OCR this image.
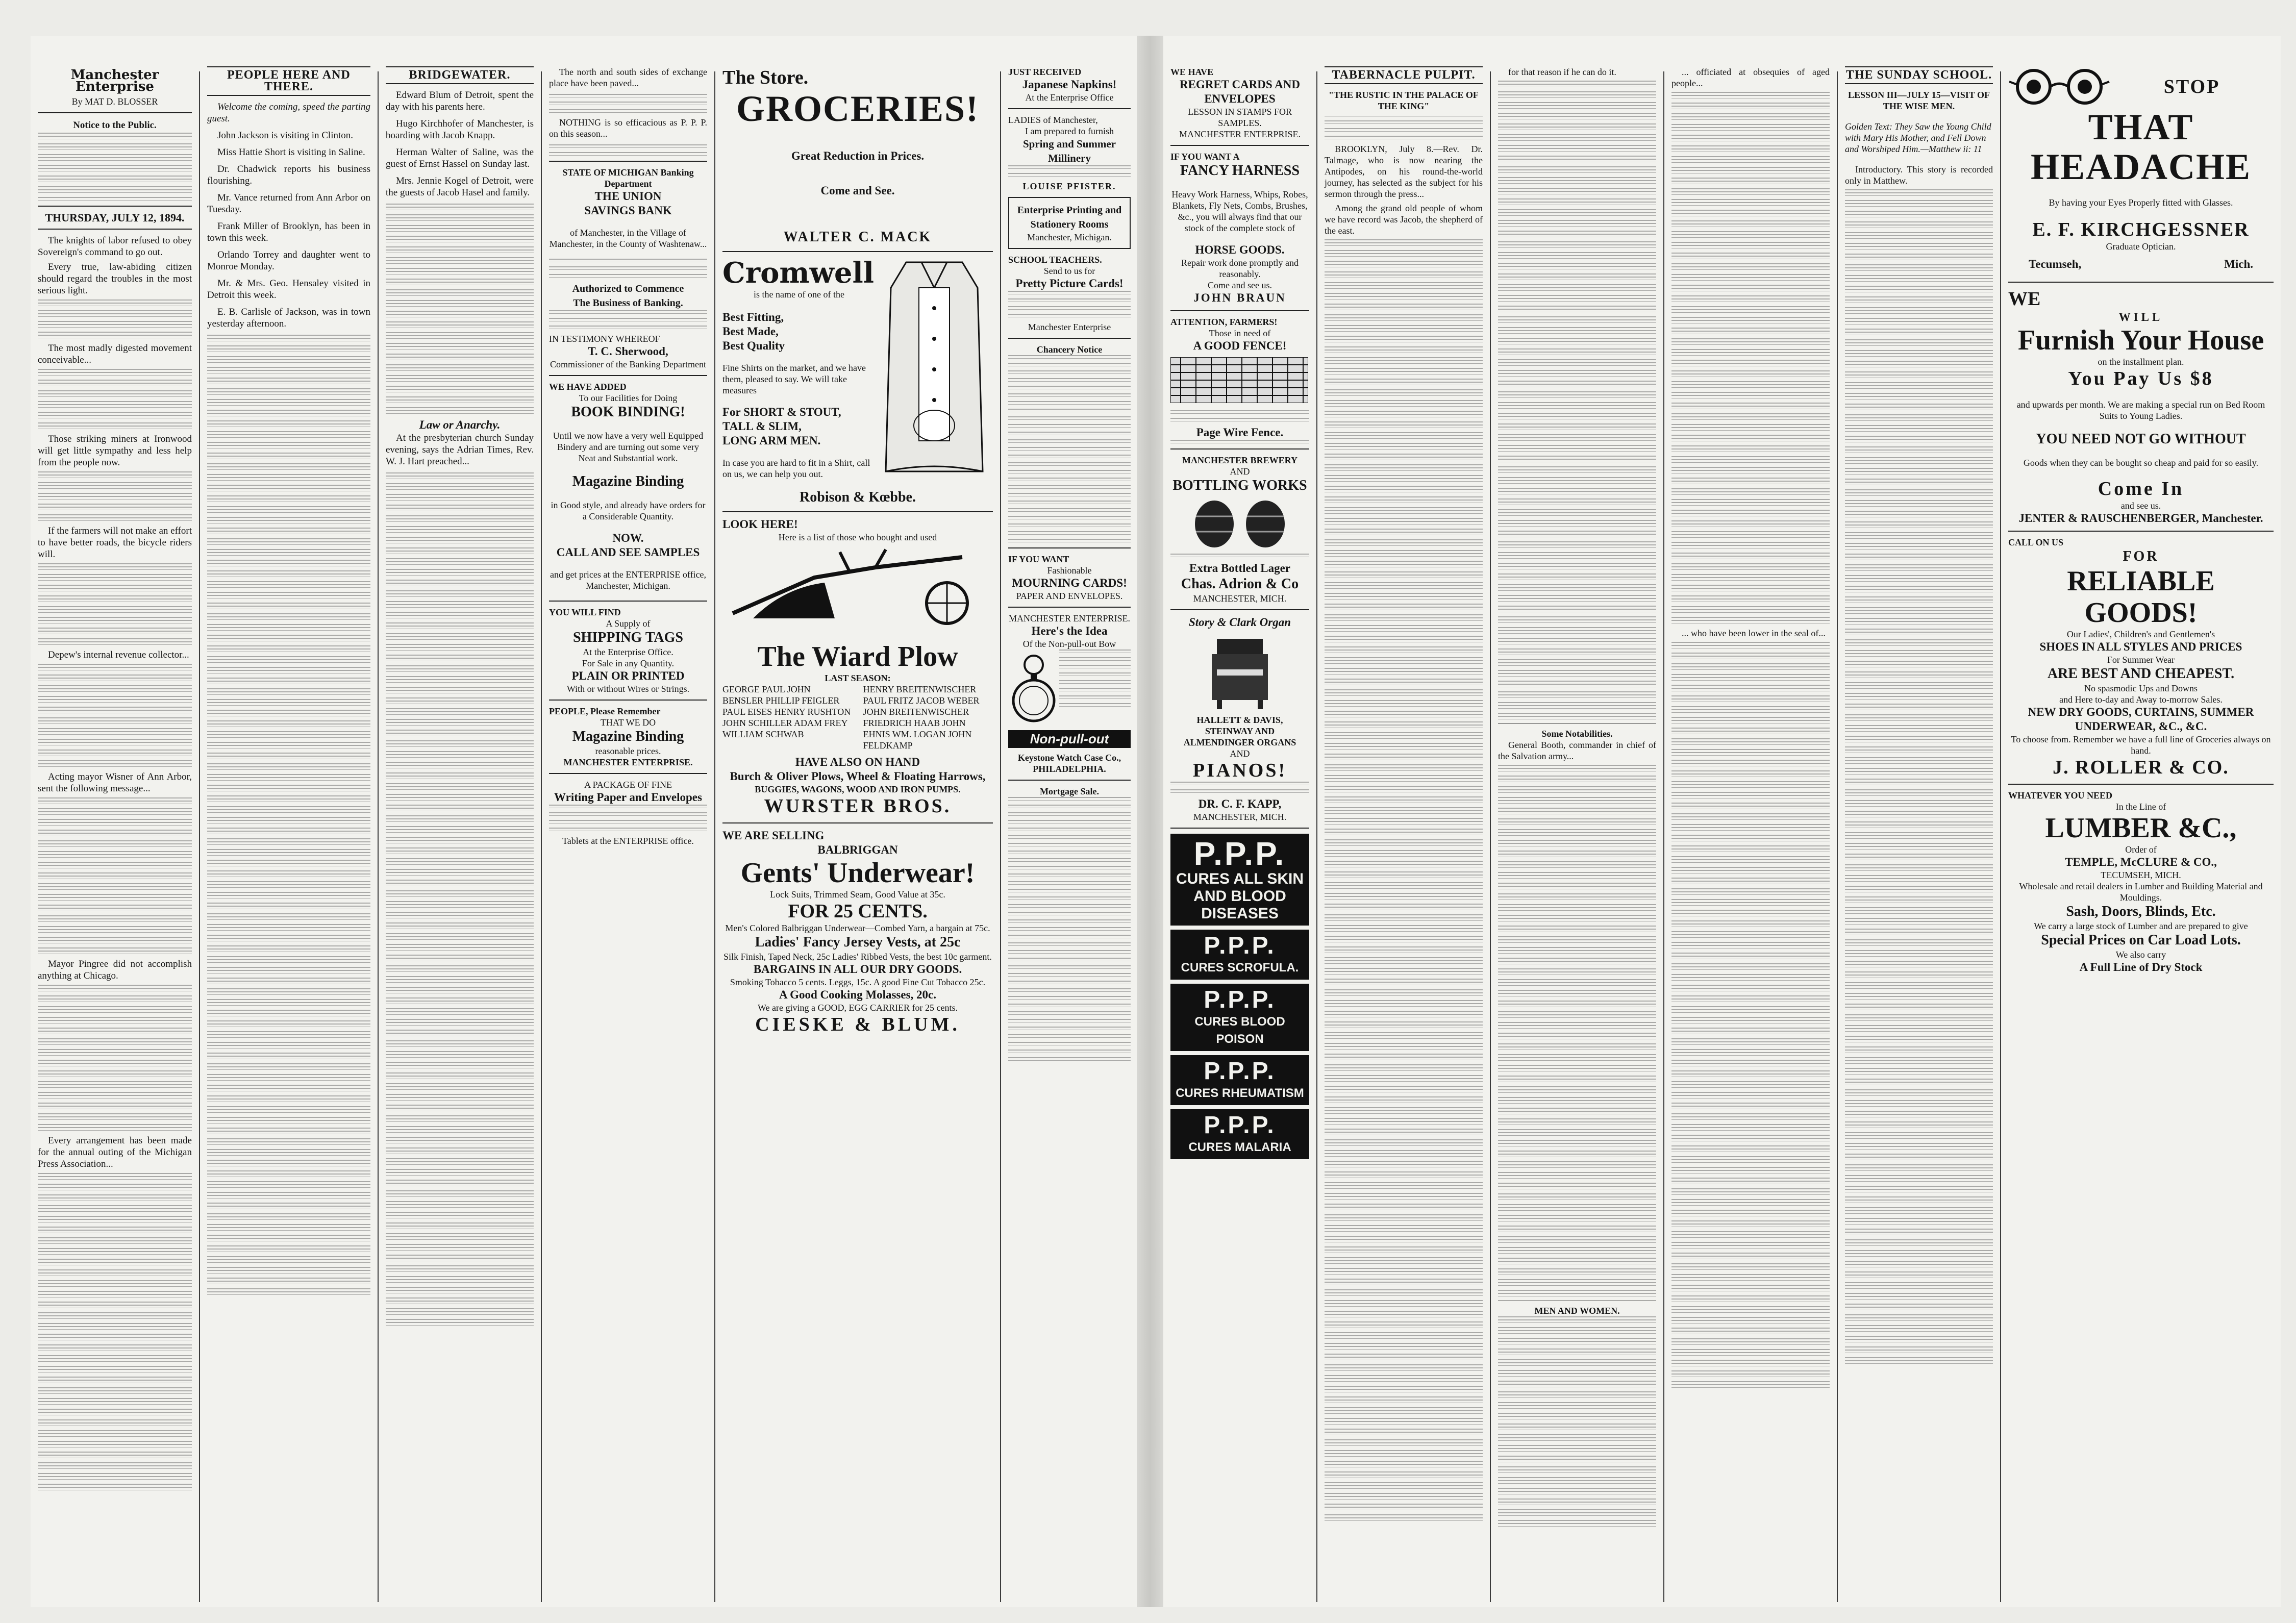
Manchester Enterprise
By MAT D. BLOSSER
Notice to the Public.
THURSDAY, JULY 12, 1894.

The knights of labor refused to obey Sovereign's command to go out.

Every true, law-abiding citizen should regard the troubles in the most serious light.

The most madly digested movement conceivable...

Those striking miners at Ironwood will get little sympathy and less help from the people now.

If the farmers will not make an effort to have better roads, the bicycle riders will.

Depew's internal revenue collector...

Acting mayor Wisner of Ann Arbor, sent the following message...

Mayor Pingree did not accomplish anything at Chicago.

Every arrangement has been made for the annual outing of the Michigan Press Association...

PEOPLE HERE AND THERE.

Welcome the coming, speed the parting guest.

John Jackson is visiting in Clinton.

Miss Hattie Short is visiting in Saline.

Dr. Chadwick reports his business flourishing.

Mr. Vance returned from Ann Arbor on Tuesday.

Frank Miller of Brooklyn, has been in town this week.

Orlando Torrey and daughter went to Monroe Monday.

Mr. & Mrs. Geo. Hensaley visited in Detroit this week.

E. B. Carlisle of Jackson, was in town yesterday afternoon.

BRIDGEWATER.

Edward Blum of Detroit, spent the day with his parents here.

Hugo Kirchhofer of Manchester, is boarding with Jacob Knapp.

Herman Walter of Saline, was the guest of Ernst Hassel on Sunday last.

Mrs. Jennie Kogel of Detroit, were the guests of Jacob Hasel and family.

Law or Anarchy.

At the presbyterian church Sunday evening, says the Adrian Times, Rev. W. J. Hart preached...

The north and south sides of exchange place have been paved...

NOTHING is so efficacious as P. P. P. on this season...

STATE OF MICHIGAN Banking Department
THE UNION
SAVINGS BANK

of Manchester, in the Village of Manchester, in the County of Washtenaw...

Authorized to Commence
The Business of Banking.
IN TESTIMONY WHEREOF
T. C. Sherwood,
Commissioner of the Banking Department
WE HAVE ADDED
To our Facilities for Doing
BOOK BINDING!

Until we now have a very well Equipped Bindery and are turning out some very Neat and Substantial work.

Magazine Binding

in Good style, and already have orders for a Considerable Quantity.

NOW.
CALL AND SEE SAMPLES

and get prices at the ENTERPRISE office, Manchester, Michigan.

YOU WILL FIND
A Supply of
SHIPPING TAGS
At the Enterprise Office.
For Sale in any Quantity.
PLAIN OR PRINTED
With or without Wires or Strings.
PEOPLE, Please Remember
THAT WE DO
Magazine Binding
reasonable prices.
MANCHESTER ENTERPRISE.
A PACKAGE OF FINE
Writing Paper and Envelopes
Tablets at the ENTERPRISE office.
The Store.
GROCERIES!
Great Reduction in Prices.
Come and See.
WALTER C. MACK
Cromwell
is the name of one of the
Best Fitting,
Best Made,
Best Quality

Fine Shirts on the market, and we have them, pleased to say. We will take measures

For SHORT & STOUT,
TALL & SLIM,
LONG ARM MEN.

In case you are hard to fit in a Shirt, call on us, we can help you out.

Robison & Kœbbe.
LOOK HERE!
Here is a list of those who bought and used
The Wiard Plow
LAST SEASON:
GEORGE PAUL JOHN BENSLER PHILLIP FEIGLER PAUL EISES HENRY RUSHTON JOHN SCHILLER ADAM FREY WILLIAM SCHWAB
HENRY BREITENWISCHER PAUL FRITZ JACOB WEBER JOHN BREITENWISCHER FRIEDRICH HAAB JOHN EHNIS WM. LOGAN JOHN FELDKAMP
HAVE ALSO ON HAND
Burch & Oliver Plows, Wheel & Floating Harrows,
BUGGIES, WAGONS, WOOD AND IRON PUMPS.
WURSTER BROS.
WE ARE SELLING
BALBRIGGAN
Gents' Underwear!
Lock Suits, Trimmed Seam, Good Value at 35c.
FOR 25 CENTS.
Men's Colored Balbriggan Underwear—Combed Yarn, a bargain at 75c.
Ladies' Fancy Jersey Vests, at 25c
Silk Finish, Taped Neck, 25c Ladies' Ribbed Vests, the best 10c garment.
BARGAINS IN ALL OUR DRY GOODS.
Smoking Tobacco 5 cents. Leggs, 15c. A good Fine Cut Tobacco 25c.
A Good Cooking Molasses, 20c.
We are giving a GOOD, EGG CARRIER for 25 cents.
CIESKE & BLUM.
JUST RECEIVED
Japanese Napkins!
At the Enterprise Office
LADIES of Manchester,
I am prepared to furnish
Spring and Summer Millinery
LOUISE PFISTER.
Enterprise Printing and Stationery Rooms
Manchester, Michigan.
SCHOOL TEACHERS.
Send to us for
Pretty Picture Cards!
Manchester Enterprise
Chancery Notice
IF YOU WANT
Fashionable
MOURNING CARDS!
PAPER AND ENVELOPES.
MANCHESTER ENTERPRISE.
Here's the Idea
Of the Non-pull-out Bow
Non-pull-out
Keystone Watch Case Co., PHILADELPHIA.
Mortgage Sale.
WE HAVE
REGRET CARDS AND ENVELOPES
LESSON IN STAMPS FOR SAMPLES.
MANCHESTER ENTERPRISE.
IF YOU WANT A
FANCY HARNESS

Heavy Work Harness, Whips, Robes, Blankets, Fly Nets, Combs, Brushes, &c., you will always find that our stock of the complete stock of

HORSE GOODS.
Repair work done promptly and reasonably.
Come and see us.
JOHN BRAUN
ATTENTION, FARMERS!
Those in need of
A GOOD FENCE!
Page Wire Fence.
MANCHESTER BREWERY
AND
BOTTLING WORKS
Extra Bottled Lager
Chas. Adrion & Co
MANCHESTER, MICH.
Story & Clark Organ
HALLETT & DAVIS,
STEINWAY AND
ALMENDINGER ORGANS
AND
PIANOS!
DR. C. F. KAPP,
MANCHESTER, MICH.
P.P.P.
CURES ALL SKIN AND BLOOD DISEASES
P.P.P.
CURES SCROFULA.
P.P.P.
CURES BLOOD POISON
P.P.P.
CURES RHEUMATISM
P.P.P.
CURES MALARIA
TABERNACLE PULPIT.
"THE RUSTIC IN THE PALACE OF THE KING"

BROOKLYN, July 8.—Rev. Dr. Talmage, who is now nearing the Antipodes, on his round-the-world journey, has selected as the subject for his sermon through the press...

Among the grand old people of whom we have record was Jacob, the shepherd of the east.

for that reason if he can do it.

Some Notabilities.

General Booth, commander in chief of the Salvation army...

MEN AND WOMEN.

... officiated at obsequies of aged people...

... who have been lower in the seal of...

THE SUNDAY SCHOOL.
LESSON III—JULY 15—VISIT OF THE WISE MEN.

Golden Text: They Saw the Young Child with Mary His Mother, and Fell Down and Worshiped Him.—Matthew ii: 11

Introductory. This story is recorded only in Matthew.

STOP
THAT HEADACHE
By having your Eyes Properly fitted with Glasses.
E. F. KIRCHGESSNER
Graduate Optician.
Tecumseh,	Mich.
WE
WILL
Furnish Your House
on the installment plan.
You Pay Us $8

and upwards per month. We are making a special run on Bed Room Suits to Young Ladies.

YOU NEED NOT GO WITHOUT

Goods when they can be bought so cheap and paid for so easily.

Come In
and see us.
JENTER & RAUSCHENBERGER, Manchester.
CALL ON US
FOR
RELIABLE GOODS!
Our Ladies', Children's and Gentlemen's
SHOES IN ALL STYLES AND PRICES
For Summer Wear
ARE BEST AND CHEAPEST.
No spasmodic Ups and Downs
and Here to-day and Away to-morrow Sales.
NEW DRY GOODS, CURTAINS, SUMMER UNDERWEAR, &C., &C.
To choose from. Remember we have a full line of Groceries always on hand.
J. ROLLER & CO.
WHATEVER YOU NEED
In the Line of
LUMBER &C.,
Order of
TEMPLE, McCLURE & CO.,
TECUMSEH, MICH.
Wholesale and retail dealers in Lumber and Building Material and Mouldings.
Sash, Doors, Blinds, Etc.
We carry a large stock of Lumber and are prepared to give
Special Prices on Car Load Lots.
We also carry
A Full Line of Dry Stock
